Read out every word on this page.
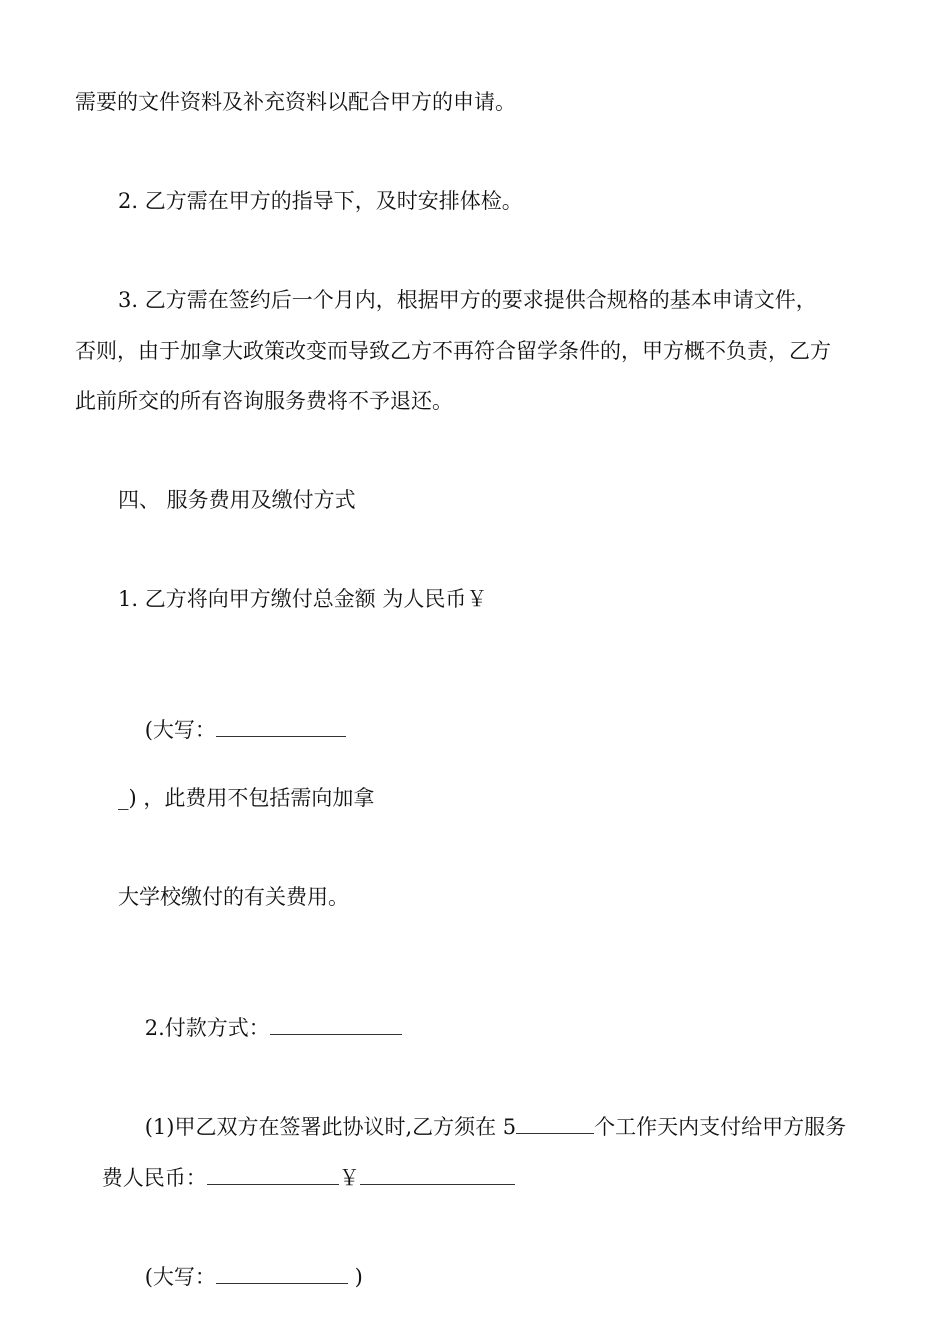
需要的文件资料及补充资料以配合甲方的申请。
2. 乙方需在甲方的指导下，及时安排体检。
3. 乙方需在签约后一个月内，根据甲方的要求提供合规格的基本申请文件，
否则，由于加拿大政策改变而导致乙方不再符合留学条件的，甲方概不负责，乙方
此前所交的所有咨询服务费将不予退还。
四、 服务费用及缴付方式
1. 乙方将向甲方缴付总金额 为人民币￥

(大写：

_) ，此费用不包括需向加拿
大学校缴付的有关费用。

2.付款方式：

(1)甲乙双方在签署此协议时,乙方须在 5	个工作天内支付给甲方服务

费人民币：	￥

(大写：	)
